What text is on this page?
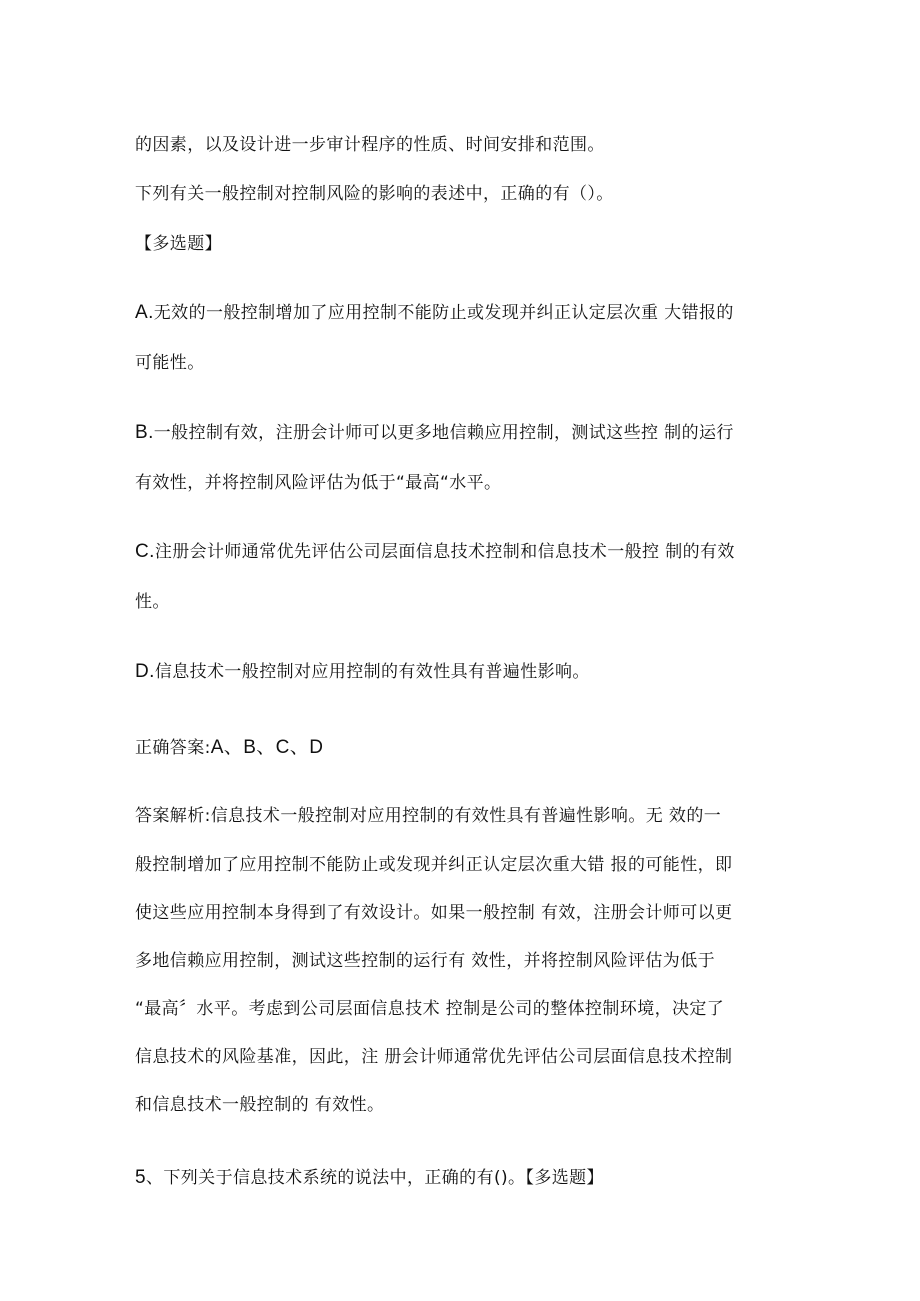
的因素，以及设计进一步审计程序的性质、时间安排和范围。
下列有关一般控制对控制风险的影响的表述中，正确的有（）。
【多选题】
A.无效的一般控制增加了应用控制不能防止或发现并纠正认定层次重 大错报的
可能性。
B.一般控制有效，注册会计师可以更多地信赖应用控制，测试这些控 制的运行
有效性，并将控制风险评估为低于“最高“水平。
C.注册会计师通常优先评估公司层面信息技术控制和信息技术一般控 制的有效
性。
D.信息技术一般控制对应用控制的有效性具有普遍性影响。
正确答案:A、B、C、D
答案解析:信息技术一般控制对应用控制的有效性具有普遍性影响。无 效的一
般控制增加了应用控制不能防止或发现并纠正认定层次重大错 报的可能性，即
使这些应用控制本身得到了有效设计。如果一般控制 有效，注册会计师可以更
多地信赖应用控制，测试这些控制的运行有 效性，并将控制风险评估为低于
“最高〞水平。考虑到公司层面信息技术 控制是公司的整体控制环境，决定了
信息技术的风险基准，因此，注 册会计师通常优先评估公司层面信息技术控制
和信息技术一般控制的 有效性。
5、下列关于信息技术系统的说法中，正确的有()。【多选题】
